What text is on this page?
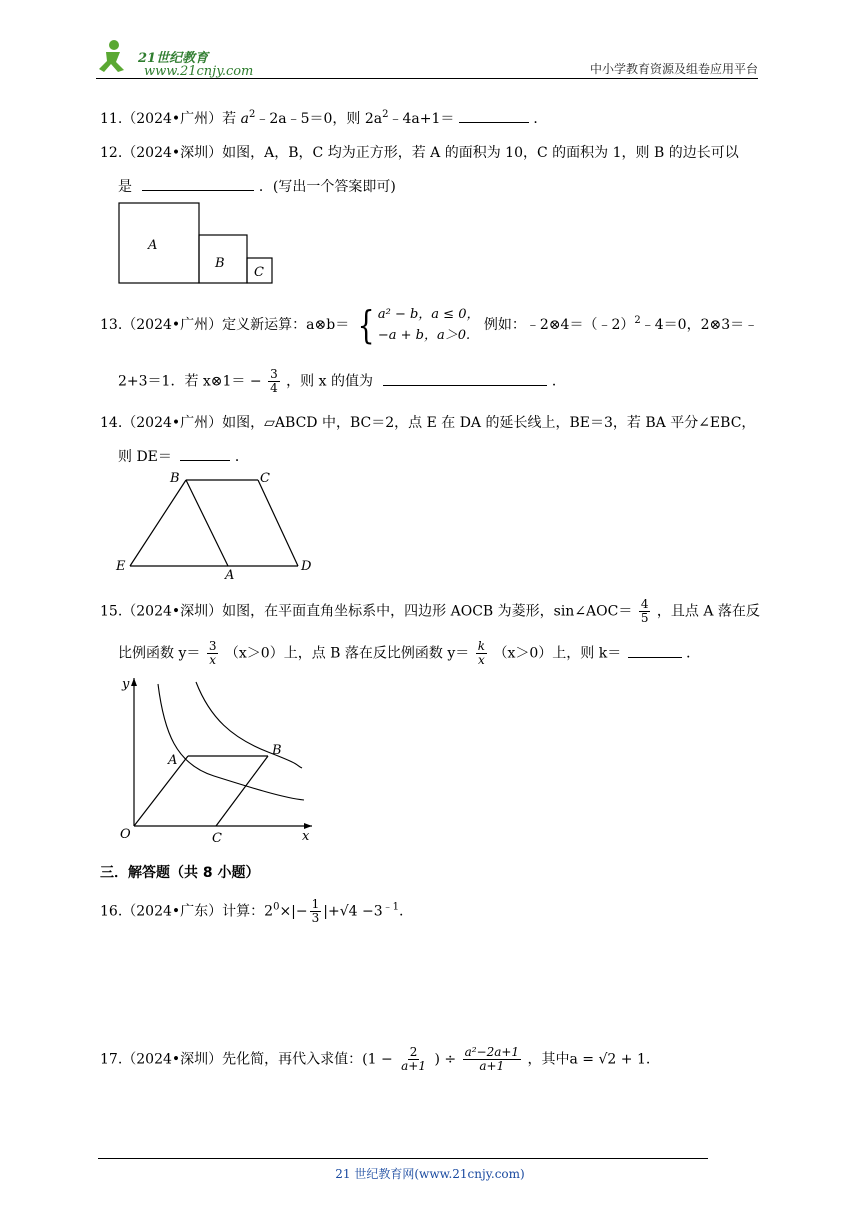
21世纪教育
www.21cnjy.com	中小学教育资源及组卷应用平台
11.（2024•广州）若 $a^2﹣2a﹣5=0$，则 $2a^2﹣4a+1=$	．
12.（2024•深圳）如图，A，B，C 均为正方形，若 A 的面积为 10，C 的面积为 1，则 B 的边长可以
是	．(写出一个答案即可)
A
B
C
13.（2024•广州）定义新运算：a⊗b＝ { a² − b，a ≤ 0，
−a + b，a＞0.
例如：﹣2⊗4＝（﹣2）$^2$﹣4＝0，2⊗3＝﹣
2+3＝1．若 x⊗1＝ − $\frac{3}{4}$ ，则 x 的值为	．
14.（2024•广州）如图，▱ABCD 中，BC＝2，点 E 在 DA 的延长线上，BE＝3，若 BA 平分∠EBC，
则 DE＝	．
B	C
E
A
D
15.（2024•深圳）如图，在平面直角坐标系中，四边形 AOCB 为菱形，sin∠AOC＝ $\frac{4}{5}$ ，且点 A 落在反
比例函数 $y= \frac{3}{x} (x>0)$上，点 B 落在反比例函数 $y= \frac{k}{x} (x>0)$上，则 k＝	．
y
x
O
A
B
C
三．解答题（共 8 小题）
16.（2024•广东）计算：$2^0\times|- \frac{1}{3} |+√4 -3^{﹣1}$.
17.（2024•深圳）先化简，再代入求值：($1 - \frac{2}{a+1}$ ) ÷ $\frac{\text{a²−2a+1}}{a+1}$ ，其中a = √2 + 1.
21 世纪教育网(www.21cnjy.com)
